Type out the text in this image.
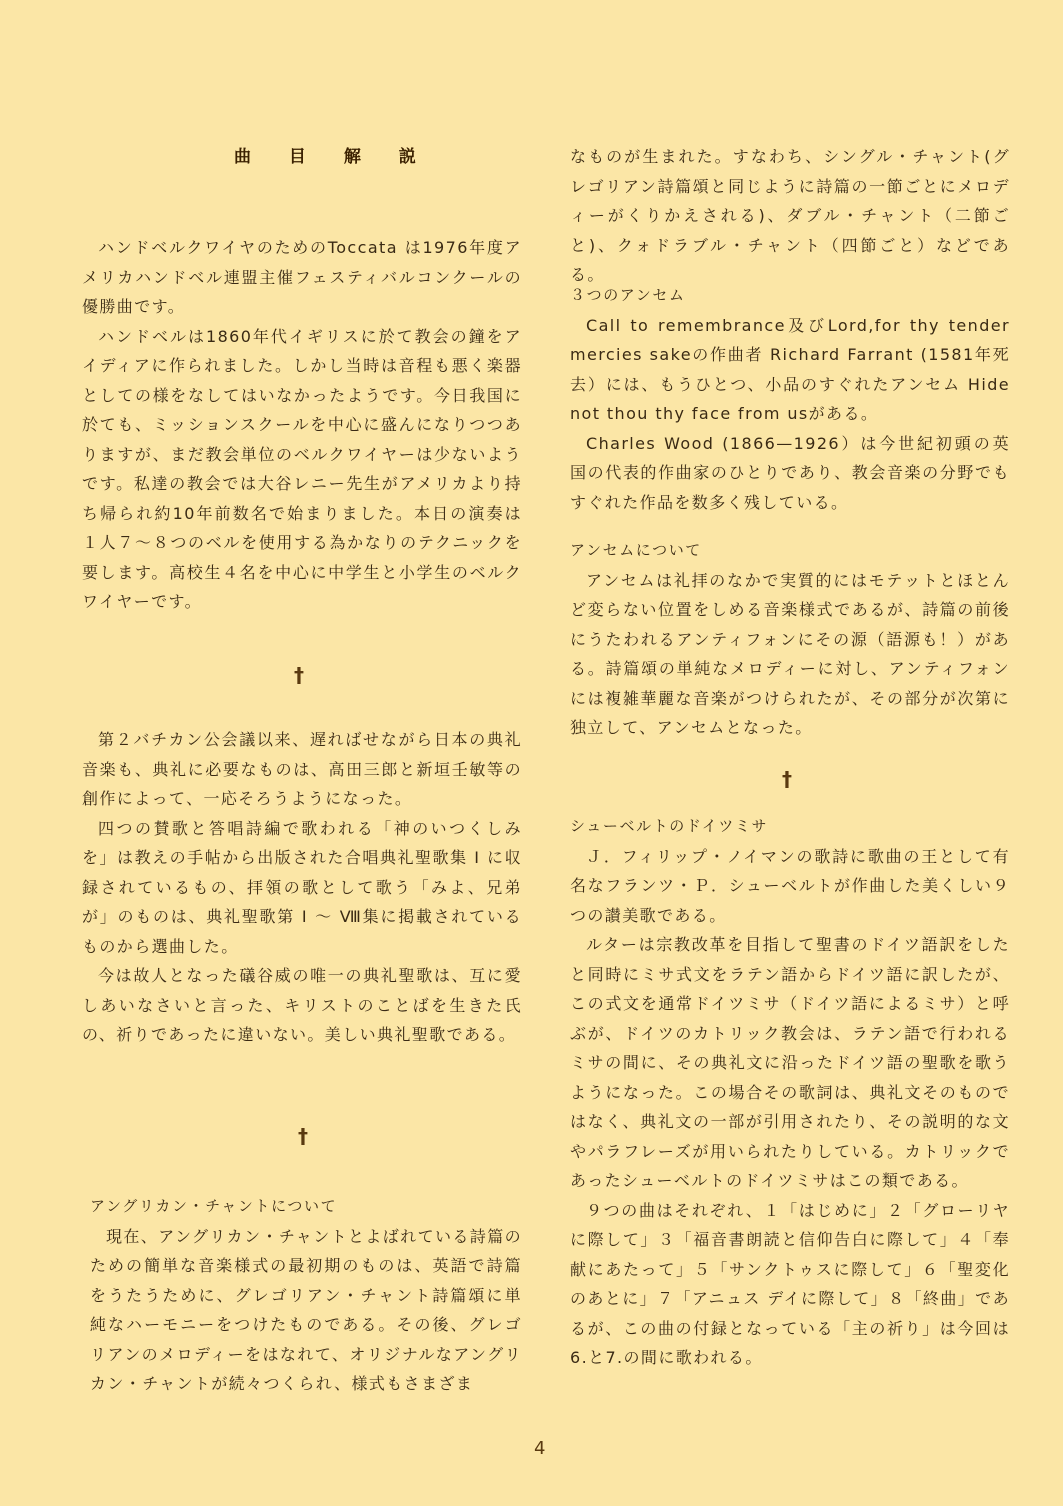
曲 目 解 説

ハンドベルクワイヤのためのToccata は1976年度アメリカハンドベル連盟主催フェスティバルコンクールの優勝曲です。

ハンドベルは1860年代イギリスに於て教会の鐘をアイディアに作られました。しかし当時は音程も悪く楽器としての様をなしてはいなかったようです。今日我国に於ても、ミッションスクールを中心に盛んになりつつありますが、まだ教会単位のベルクワイヤーは少ないようです。私達の教会では大谷レニー先生がアメリカより持ち帰られ約10年前数名で始まりました。本日の演奏は１人７～８つのベルを使用する為かなりのテクニックを要します。高校生４名を中心に中学生と小学生のベルクワイヤーです。

†

第２バチカン公会議以来、遅ればせながら日本の典礼音楽も、典礼に必要なものは、高田三郎と新垣壬敏等の創作によって、一応そろうようになった。

四つの賛歌と答唱詩編で歌われる「神のいつくしみを」は教えの手帖から出版された合唱典礼聖歌集 Ⅰ に収録されているもの、拝領の歌として歌う「みよ、兄弟が」のものは、典礼聖歌第 Ⅰ ～ Ⅷ集に掲載されているものから選曲した。

今は故人となった礒谷威の唯一の典礼聖歌は、互に愛しあいなさいと言った、キリストのことばを生きた氏の、祈りであったに違いない。美しい典礼聖歌である。

†

アングリカン・チャントについて

現在、アングリカン・チャントとよばれている詩篇のための簡単な音楽様式の最初期のものは、英語で詩篇をうたうために、グレゴリアン・チャント詩篇頌に単純なハーモニーをつけたものである。その後、グレゴリアンのメロディーをはなれて、オリジナルなアングリカン・チャントが続々つくられ、様式もさまざま

なものが生まれた。すなわち、シングル・チャント(グレゴリアン詩篇頌と同じように詩篇の一節ごとにメロディーがくりかえされる)、ダブル・チャント（二節ごと)、クォドラブル・チャント（四節ごと）などである。

３つのアンセム

Call to remembrance及びLord,for thy tender mercies sakeの作曲者 Richard Farrant (1581年死去）には、もうひとつ、小品のすぐれたアンセム Hide not thou thy face from usがある。

Charles Wood (1866—1926）は今世紀初頭の英国の代表的作曲家のひとりであり、教会音楽の分野でもすぐれた作品を数多く残している。

アンセムについて

アンセムは礼拝のなかで実質的にはモテットとほとんど変らない位置をしめる音楽様式であるが、詩篇の前後にうたわれるアンティフォンにその源（語源も！）がある。詩篇頌の単純なメロディーに対し、アンティフォンには複雑華麗な音楽がつけられたが、その部分が次第に独立して、アンセムとなった。

†

シューベルトのドイツミサ

Ｊ．フィリップ・ノイマンの歌詩に歌曲の王として有名なフランツ・Ｐ．シューベルトが作曲した美くしい９つの讃美歌である。

ルターは宗教改革を目指して聖書のドイツ語訳をしたと同時にミサ式文をラテン語からドイツ語に訳したが、この式文を通常ドイツミサ（ドイツ語によるミサ）と呼ぶが、ドイツのカトリック教会は、ラテン語で行われるミサの間に、その典礼文に沿ったドイツ語の聖歌を歌うようになった。この場合その歌詞は、典礼文そのものではなく、典礼文の一部が引用されたり、その説明的な文やパラフレーズが用いられたりしている。カトリックであったシューベルトのドイツミサはこの類である。

９つの曲はそれぞれ、１「はじめに」２「グローリヤに際して」３「福音書朗読と信仰告白に際して」４「奉献にあたって」５「サンクトゥスに際して」６「聖変化のあとに」７「アニュス デイに際して」８「終曲」であるが、この曲の付録となっている「主の祈り」は今回は6.と7.の間に歌われる。

4
